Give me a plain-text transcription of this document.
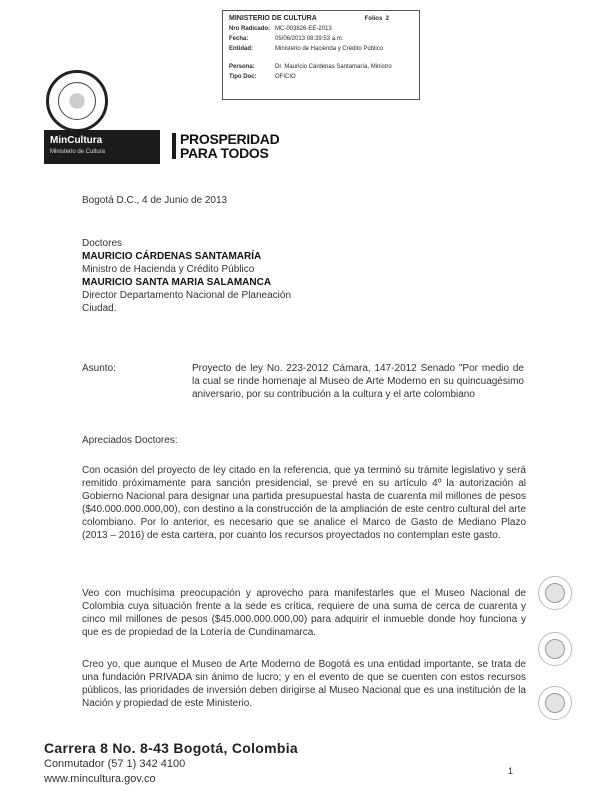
MINISTERIO DE CULTURA	Folios 2
Nro Radicado: MC-003826-EE-2013
Fecha:	05/06/2013 08:39:53 a.m.
Entidad:	Ministerio de Hacienda y Crédito Público
Persona:	Dr. Mauricio Cárdenas Santamaría, Ministro
Tipo Doc:	OFICIO
MinCultura
Ministerio de Cultura
PROSPERIDAD
PARA TODOS
Bogotá D.C., 4 de Junio de 2013
Doctores
MAURICIO CÁRDENAS SANTAMARÍA
Ministro de Hacienda y Crédito Público
MAURICIO SANTA MARIA SALAMANCA
Director Departamento Nacional de Planeación
Ciudad.
Asunto:	Proyecto de ley No. 223-2012 Cámara, 147-2012 Senado "Por medio de la cual se rinde homenaje al Museo de Arte Moderno en su quincuagésimo aniversario, por su contribución a la cultura y el arte colombiano
Apreciados Doctores:
Con ocasión del proyecto de ley citado en la referencia, que ya terminó su trámite legislativo y será remitido próximamente para sanción presidencial, se prevé en su artículo 4º la autorización al Gobierno Nacional para designar una partida presupuestal hasta de cuarenta mil millones de pesos ($40.000.000.000,00), con destino a la construcción de la ampliación de este centro cultural del arte colombiano. Por lo anterior, es necesario que se analice el Marco de Gasto de Mediano Plazo (2013 – 2016) de esta cartera, por cuanto los recursos proyectados no contemplan este gasto.
Veo con muchísima preocupación y aprovecho para manifestarles que el Museo Nacional de Colombia cuya situación frente a la sede es crítica, requiere de una suma de cerca de cuarenta y cinco mil millones de pesos ($45.000.000.000,00) para adquirir el inmueble donde hoy funciona y que es de propiedad de la Lotería de Cundinamarca.
Creo yo, que aunque el Museo de Arte Moderno de Bogotá es una entidad importante, se trata de una fundación PRIVADA sin ánimo de lucro; y en el evento de que se cuenten con estos recursos públicos, las prioridades de inversión deben dirigirse al Museo Nacional que es una institución de la Nación y propiedad de este Ministerio.
Carrera 8 No. 8-43 Bogotá, Colombia
Conmutador (57 1) 342 4100
www.mincultura.gov.co
1
